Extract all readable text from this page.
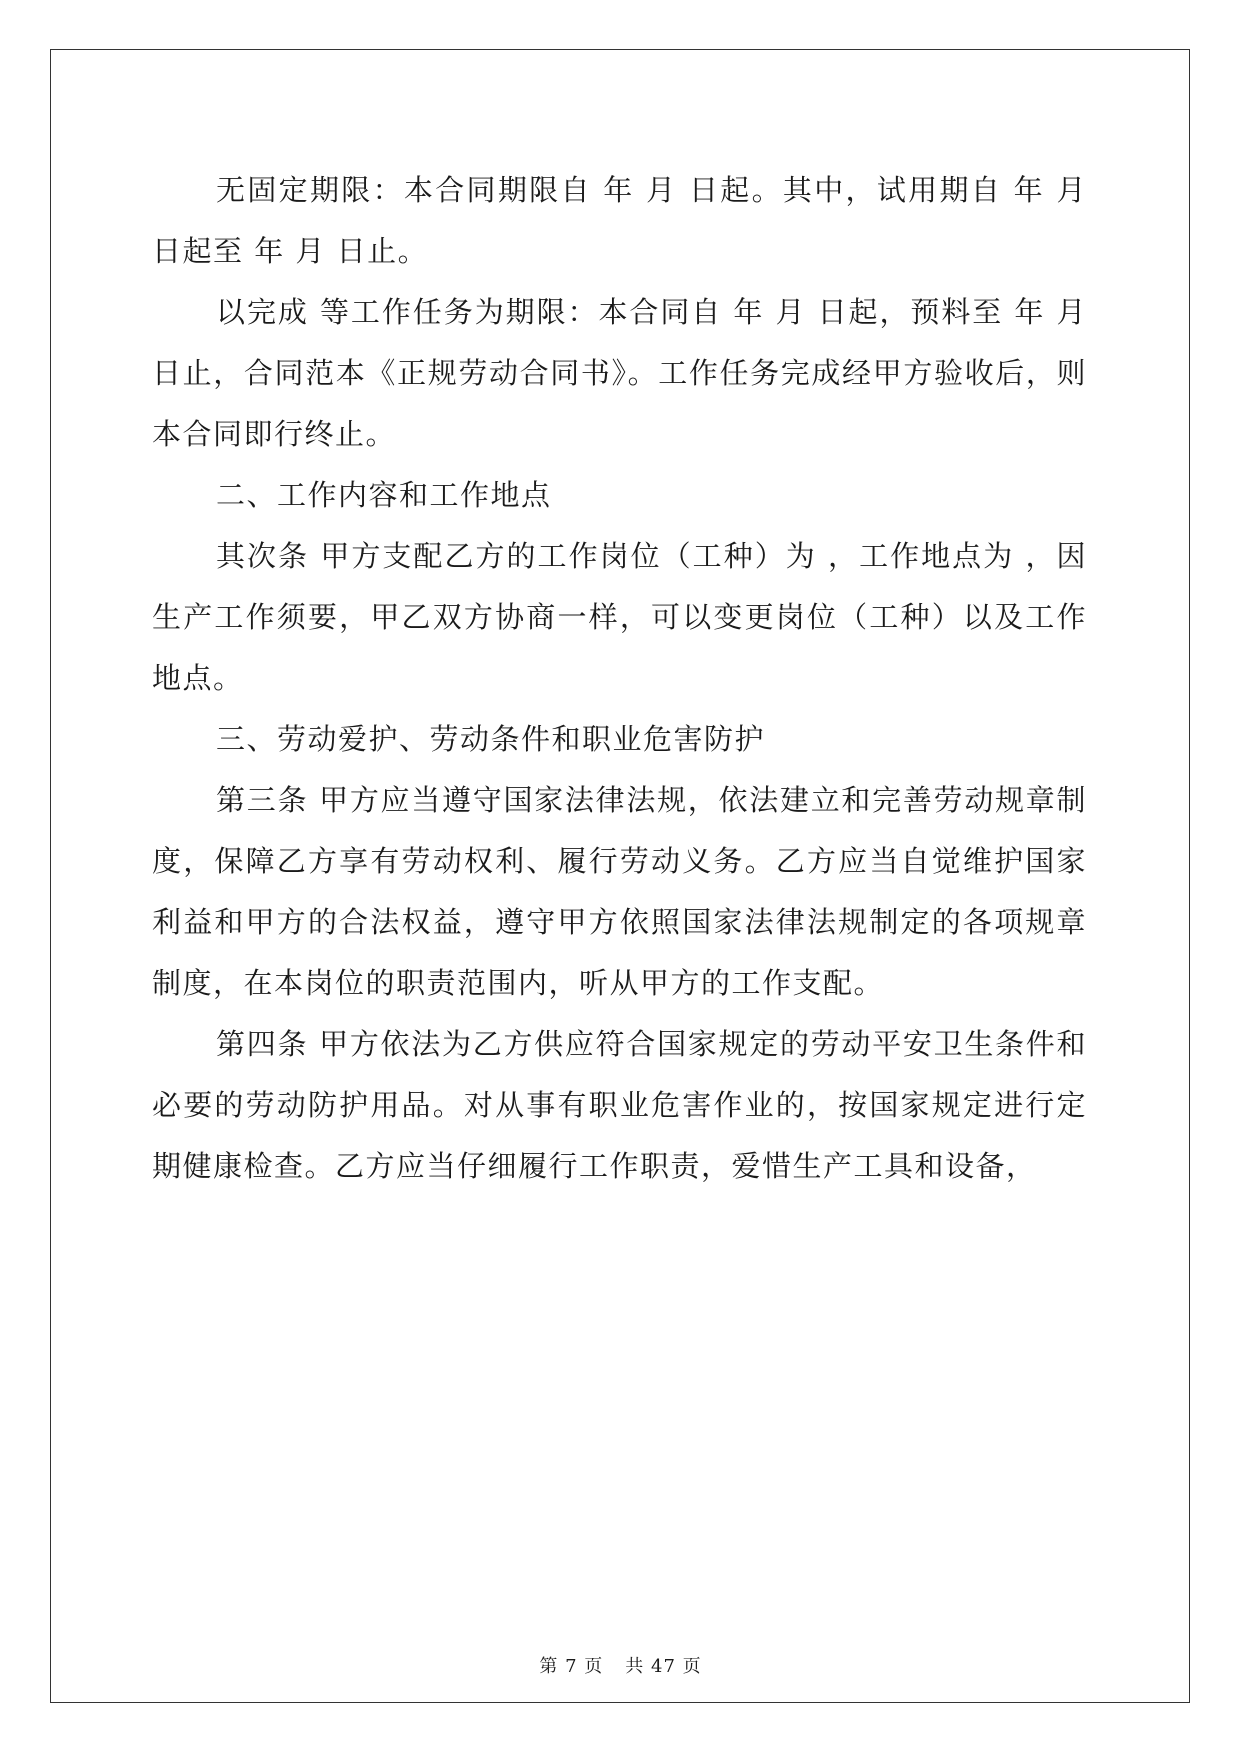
无固定期限：本合同期限自 年 月 日起。其中，试用期自 年 月 日起至 年 月 日止。

以完成 等工作任务为期限：本合同自 年 月 日起，预料至 年 月 日止，合同范本《正规劳动合同书》。工作任务完成经甲方验收后，则本合同即行终止。

二、工作内容和工作地点

其次条 甲方支配乙方的工作岗位（工种）为 ，工作地点为 ，因生产工作须要，甲乙双方协商一样，可以变更岗位（工种）以及工作地点。

三、劳动爱护、劳动条件和职业危害防护

第三条 甲方应当遵守国家法律法规，依法建立和完善劳动规章制度，保障乙方享有劳动权利、履行劳动义务。乙方应当自觉维护国家利益和甲方的合法权益，遵守甲方依照国家法律法规制定的各项规章制度，在本岗位的职责范围内，听从甲方的工作支配。

第四条 甲方依法为乙方供应符合国家规定的劳动平安卫生条件和必要的劳动防护用品。对从事有职业危害作业的，按国家规定进行定期健康检查。乙方应当仔细履行工作职责，爱惜生产工具和设备，

第 7 页 共 47 页
